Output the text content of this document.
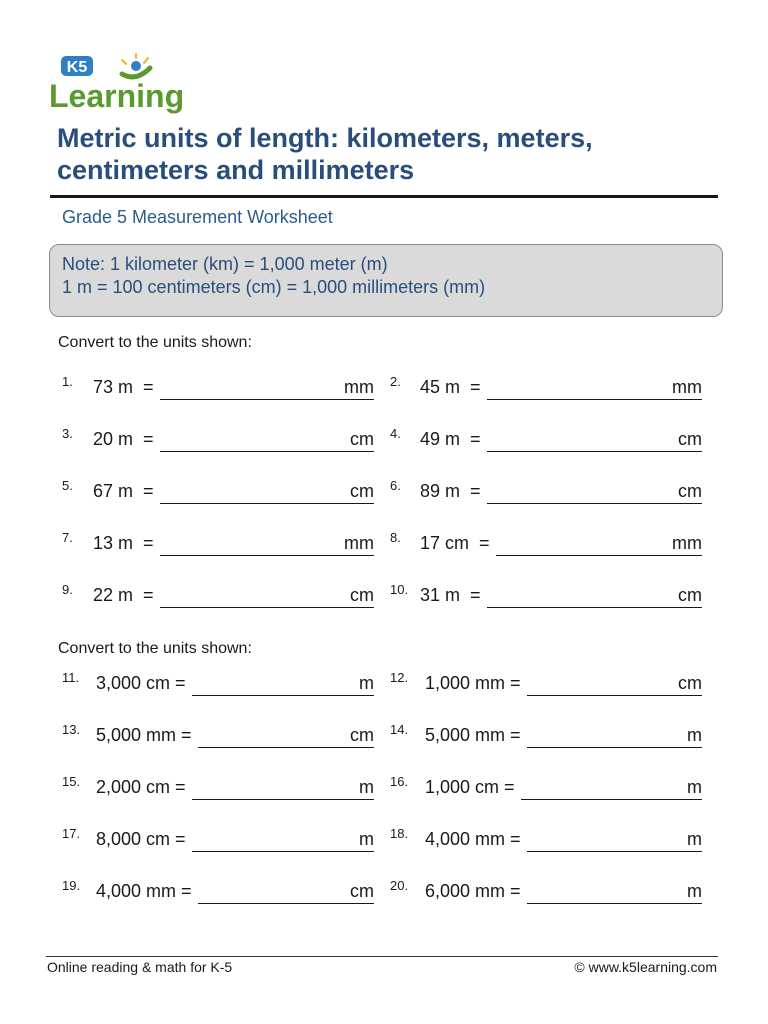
K5
Learning
Metric units of length: kilometers, meters, centimeters and millimeters
Grade 5 Measurement Worksheet
Note: 1 kilometer (km) = 1,000 meter (m)
1 m = 100 centimeters (cm) = 1,000 millimeters (mm)
Convert to the units shown:
1. 73 m  =	mm 2. 45 m  =	mm
3. 20 m  =	cm 4. 49 m  =	cm
5. 67 m  =	cm 6. 89 m  =	cm
7. 13 m  =	mm 8. 17 cm  =	mm
9. 22 m  =	cm 10. 31 m  =	cm
Convert to the units shown:
11. 3,000 cm =	m 12. 1,000 mm =	cm
13. 5,000 mm =	cm 14. 5,000 mm =	m
15. 2,000 cm =	m 16. 1,000 cm =	m
17. 8,000 cm =	m 18. 4,000 mm =	m
19. 4,000 mm =	cm 20. 6,000 mm =	m
Online reading & math for K-5	© www.k5learning.com
